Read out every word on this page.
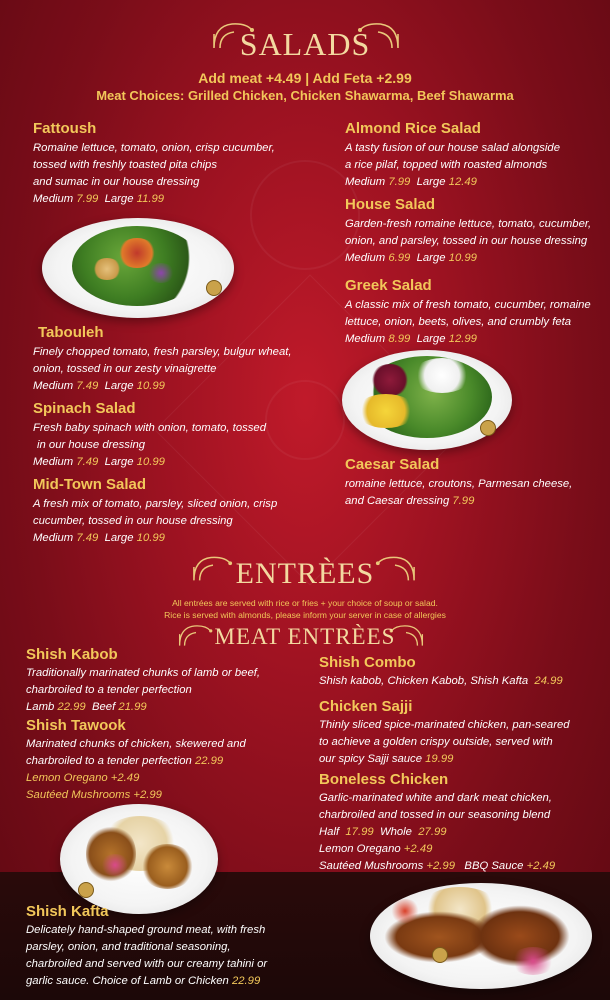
SALADS
Add meat +4.49 | Add Feta +2.99
Meat Choices: Grilled Chicken, Chicken Shawarma, Beef Shawarma
Fattoush
Romaine lettuce, tomato, onion, crisp cucumber,
tossed with freshly toasted pita chips
and sumac in our house dressing
Medium 7.99 Large 11.99
Tabouleh
Finely chopped tomato, fresh parsley, bulgur wheat,
onion, tossed in our zesty vinaigrette
Medium 7.49 Large 10.99
Spinach Salad
Fresh baby spinach with onion, tomato, tossed
in our house dressing
Medium 7.49 Large 10.99
Mid-Town Salad
A fresh mix of tomato, parsley, sliced onion, crisp
cucumber, tossed in our house dressing
Medium 7.49 Large 10.99
Almond Rice Salad
A tasty fusion of our house salad alongside
a rice pilaf, topped with roasted almonds
Medium 7.99 Large 12.49
House Salad
Garden-fresh romaine lettuce, tomato, cucumber,
onion, and parsley, tossed in our house dressing
Medium 6.99 Large 10.99
Greek Salad
A classic mix of fresh tomato, cucumber, romaine
lettuce, onion, beets, olives, and crumbly feta
Medium 8.99 Large 12.99
Caesar Salad
romaine lettuce, croutons, Parmesan cheese,
and Caesar dressing 7.99
ENTRÈES
All entrées are served with rice or fries + your choice of soup or salad.
Rice is served with almonds, please inform your server in case of allergies
MEAT ENTRÈES
Shish Kabob
Traditionally marinated chunks of lamb or beef,
charbroiled to a tender perfection
Lamb 22.99 Beef 21.99
Shish Tawook
Marinated chunks of chicken, skewered and
charbroiled to a tender perfection 22.99
Lemon Oregano +2.49
Sautéed Mushrooms +2.99
Shish Kafta
Delicately hand-shaped ground meat, with fresh
parsley, onion, and traditional seasoning,
charbroiled and served with our creamy tahini or
garlic sauce. Choice of Lamb or Chicken 22.99
Shish Combo
Shish kabob, Chicken Kabob, Shish Kafta 24.99
Chicken Sajji
Thinly sliced spice-marinated chicken, pan-seared
to achieve a golden crispy outside, served with
our spicy Sajji sauce 19.99
Boneless Chicken
Garlic-marinated white and dark meat chicken,
charbroiled and tossed in our seasoning blend
Half 17.99 Whole 27.99
Lemon Oregano +2.49
Sautéed Mushrooms +2.99 BBQ Sauce +2.49
